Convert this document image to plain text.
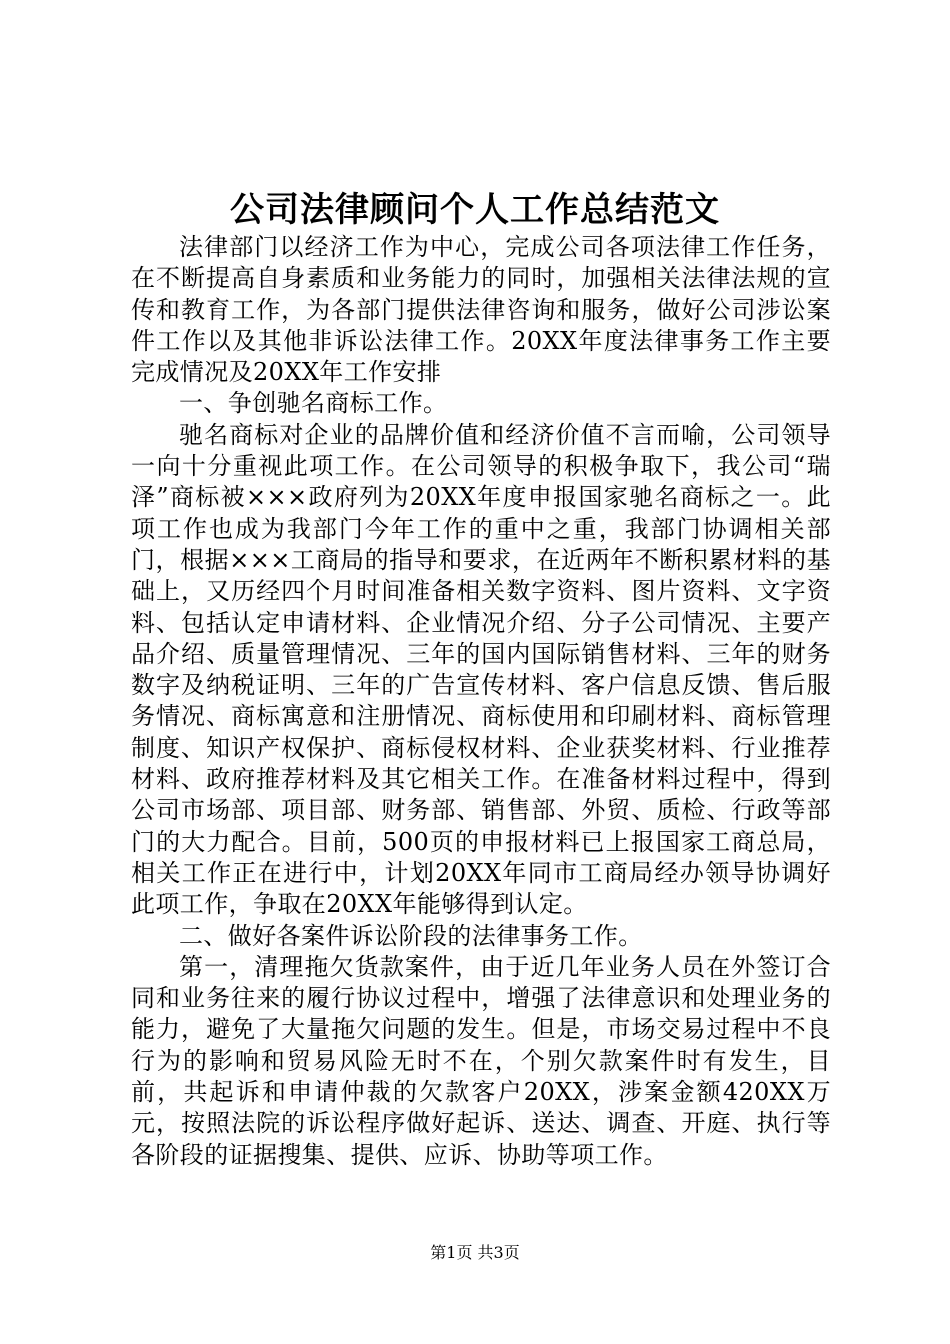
公司法律顾问个人工作总结范文

法律部门以经济工作为中心，完成公司各项法律工作任务，在不断提高自身素质和业务能力的同时，加强相关法律法规的宣传和教育工作，为各部门提供法律咨询和服务，做好公司涉讼案件工作以及其他非诉讼法律工作。20XX年度法律事务工作主要完成情况及20XX年工作安排

一、争创驰名商标工作。

驰名商标对企业的品牌价值和经济价值不言而喻，公司领导一向十分重视此项工作。在公司领导的积极争取下，我公司“瑞泽”商标被×××政府列为20XX年度申报国家驰名商标之一。此项工作也成为我部门今年工作的重中之重，我部门协调相关部门，根据×××工商局的指导和要求，在近两年不断积累材料的基础上，又历经四个月时间准备相关数字资料、图片资料、文字资料、包括认定申请材料、企业情况介绍、分子公司情况、主要产品介绍、质量管理情况、三年的国内国际销售材料、三年的财务数字及纳税证明、三年的广告宣传材料、客户信息反馈、售后服务情况、商标寓意和注册情况、商标使用和印刷材料、商标管理制度、知识产权保护、商标侵权材料、企业获奖材料、行业推荐材料、政府推荐材料及其它相关工作。在准备材料过程中，得到公司市场部、项目部、财务部、销售部、外贸、质检、行政等部门的大力配合。目前，500页的申报材料已上报国家工商总局，相关工作正在进行中，计划20XX年同市工商局经办领导协调好此项工作，争取在20XX年能够得到认定。

二、做好各案件诉讼阶段的法律事务工作。

第一，清理拖欠货款案件，由于近几年业务人员在外签订合同和业务往来的履行协议过程中，增强了法律意识和处理业务的能力，避免了大量拖欠问题的发生。但是，市场交易过程中不良行为的影响和贸易风险无时不在，个别欠款案件时有发生，目前，共起诉和申请仲裁的欠款客户20XX，涉案金额420XX万元，按照法院的诉讼程序做好起诉、送达、调查、开庭、执行等各阶段的证据搜集、提供、应诉、协助等项工作。

第1页 共3页
